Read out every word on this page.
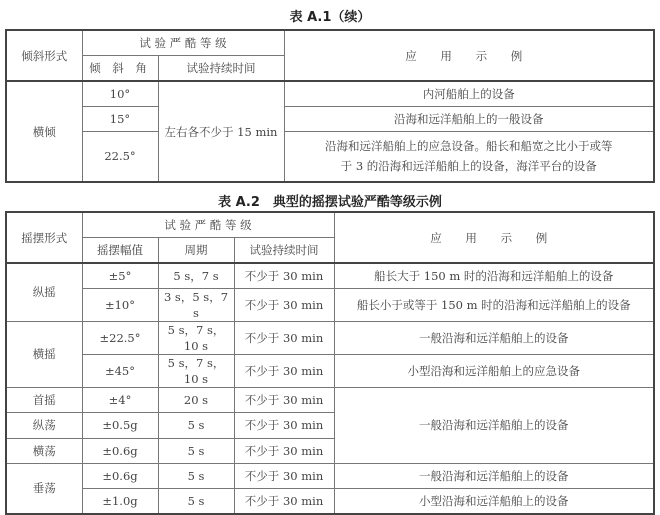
表 A.1（续）
倾斜形式	试 验 严 酷 等 级		应 用 示 例
	倾 斜 角	试验持续时间	
横倾	10°	左右各不少于 15 min	内河船舶上的设备
	15°		沿海和远洋船舶上的一般设备
	22.5°		沿海和远洋船舶上的应急设备。船长和船宽之比小于或等于 3 的沿海和远洋船舶上的设备，海洋平台的设备
表 A.2　典型的摇摆试验严酷等级示例
摇摆形式	试 验 严 酷 等 级			应 用 示 例
	摇摆幅值	周期	试验持续时间	
纵摇	±5°	5 s，7 s	不少于 30 min	船长大于 150 m 时的沿海和远洋船舶上的设备
	±10°	3 s，5 s，7 s	不少于 30 min	船长小于或等于 150 m 时的沿海和远洋船舶上的设备
横摇	±22.5°	5 s，7 s，10 s	不少于 30 min	一般沿海和远洋船舶上的设备
	±45°	5 s，7 s，10 s	不少于 30 min	小型沿海和远洋船舶上的应急设备
首摇	±4°	20 s	不少于 30 min	一般沿海和远洋船舶上的设备
纵荡	±0.5g	5 s	不少于 30 min	
横荡	±0.6g	5 s	不少于 30 min	
垂荡	±0.6g	5 s	不少于 30 min	一般沿海和远洋船舶上的设备
	±1.0g	5 s	不少于 30 min	小型沿海和远洋船舶上的设备
